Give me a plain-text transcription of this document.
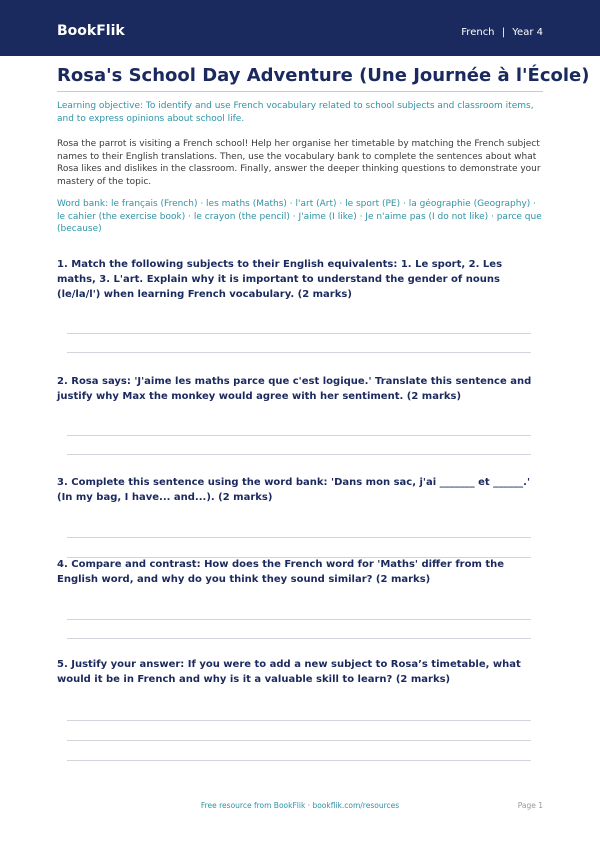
BookFlik	French | Year 4
Rosa's School Day Adventure (Une Journée à l'École)

Learning objective: To identify and use French vocabulary related to school subjects and classroom items, and to express opinions about school life.

Rosa the parrot is visiting a French school! Help her organise her timetable by matching the French subject names to their English translations. Then, use the vocabulary bank to complete the sentences about what Rosa likes and dislikes in the classroom. Finally, answer the deeper thinking questions to demonstrate your mastery of the topic.

Word bank: le français (French) · les maths (Maths) · l'art (Art) · le sport (PE) · la géographie (Geography) · le cahier (the exercise book) · le crayon (the pencil) · J'aime (I like) · Je n'aime pas (I do not like) · parce que (because)

1. Match the following subjects to their English equivalents: 1. Le sport, 2. Les maths, 3. L'art. Explain why it is important to understand the gender of nouns (le/la/l') when learning French vocabulary. (2 marks)

2. Rosa says: 'J'aime les maths parce que c'est logique.' Translate this sentence and justify why Max the monkey would agree with her sentiment. (2 marks)

3. Complete this sentence using the word bank: 'Dans mon sac, j'ai _______ et ______.' (In my bag, I have... and...). (2 marks)

4. Compare and contrast: How does the French word for 'Maths' differ from the English word, and why do you think they sound similar? (2 marks)

5. Justify your answer: If you were to add a new subject to Rosa’s timetable, what would it be in French and why is it a valuable skill to learn? (2 marks)

Free resource from BookFlik · bookflik.com/resources	Page 1
